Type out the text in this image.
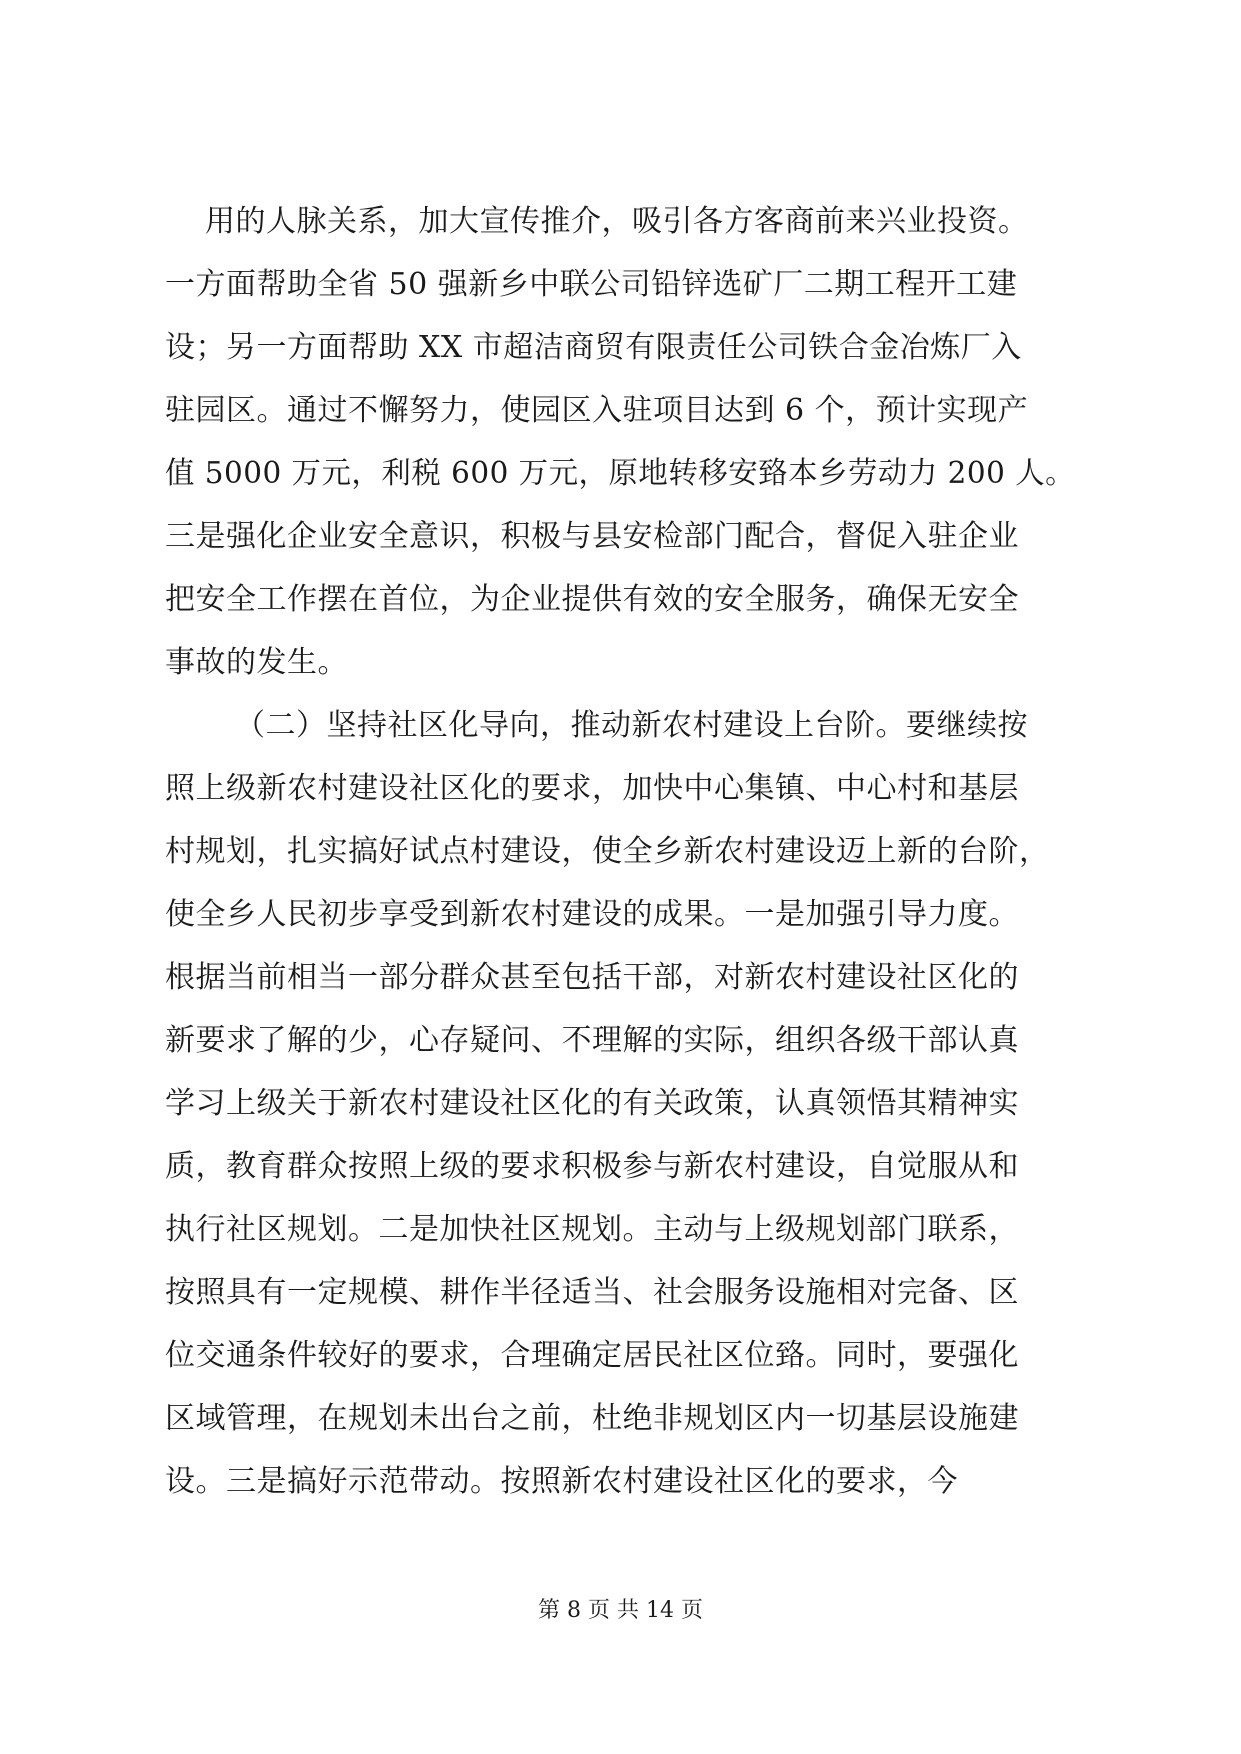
用的人脉关系，加大宣传推介，吸引各方客商前来兴业投资。
一方面帮助全省 50 强新乡中联公司铅锌选矿厂二期工程开工建
设；另一方面帮助 XX 市超洁商贸有限责任公司铁合金冶炼厂入
驻园区。通过不懈努力，使园区入驻项目达到 6 个，预计实现产
值 5000 万元，利税 600 万元，原地转移安臵本乡劳动力 200 人。
三是强化企业安全意识，积极与县安检部门配合，督促入驻企业
把安全工作摆在首位，为企业提供有效的安全服务，确保无安全
事故的发生。
（二）坚持社区化导向，推动新农村建设上台阶。要继续按
照上级新农村建设社区化的要求，加快中心集镇、中心村和基层
村规划，扎实搞好试点村建设，使全乡新农村建设迈上新的台阶，
使全乡人民初步享受到新农村建设的成果。一是加强引导力度。
根据当前相当一部分群众甚至包括干部，对新农村建设社区化的
新要求了解的少，心存疑问、不理解的实际，组织各级干部认真
学习上级关于新农村建设社区化的有关政策，认真领悟其精神实
质，教育群众按照上级的要求积极参与新农村建设，自觉服从和
执行社区规划。二是加快社区规划。主动与上级规划部门联系，
按照具有一定规模、耕作半径适当、社会服务设施相对完备、区
位交通条件较好的要求，合理确定居民社区位臵。同时，要强化
区域管理，在规划未出台之前，杜绝非规划区内一切基层设施建
设。三是搞好示范带动。按照新农村建设社区化的要求，今
第 8 页 共 14 页
